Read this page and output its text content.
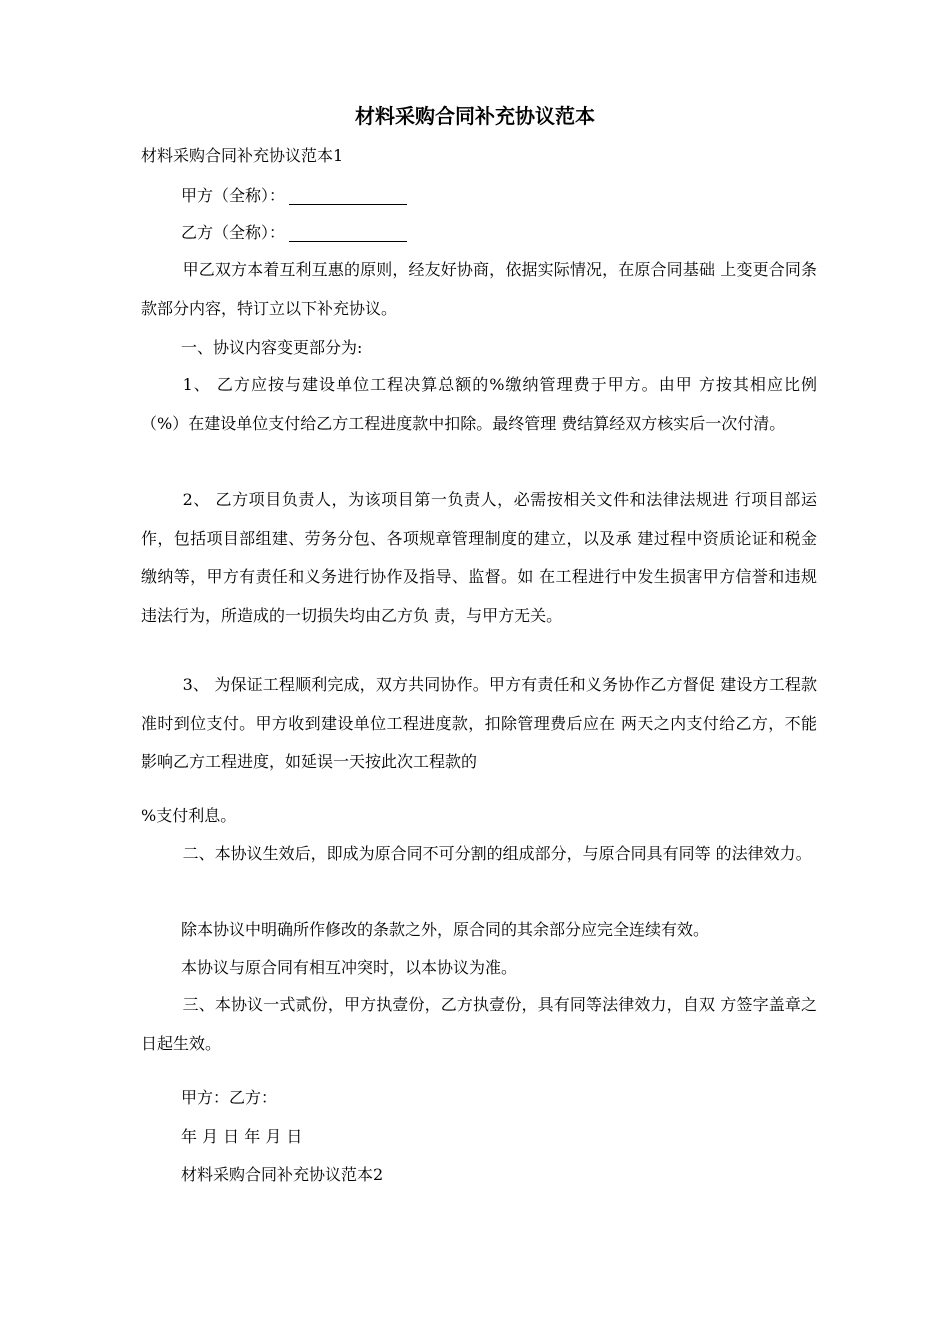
材料采购合同补充协议范本

材料采购合同补充协议范本1

甲方（全称）：

乙方（全称）：

甲乙双方本着互利互惠的原则，经友好协商，依据实际情况，在原合同基础 上变更合同条款部分内容，特订立以下补充协议。

一、协议内容变更部分为:

1、 乙方应按与建设单位工程决算总额的%缴纳管理费于甲方。由甲 方按其相应比例（%）在建设单位支付给乙方工程进度款中扣除。最终管理 费结算经双方核实后一次付清。

2、 乙方项目负责人，为该项目第一负责人，必需按相关文件和法律法规进 行项目部运作，包括项目部组建、劳务分包、各项规章管理制度的建立，以及承 建过程中资质论证和税金缴纳等，甲方有责任和义务进行协作及指导、监督。如 在工程进行中发生损害甲方信誉和违规违法行为，所造成的一切损失均由乙方负 责，与甲方无关。

3、 为保证工程顺利完成，双方共同协作。甲方有责任和义务协作乙方督促 建设方工程款准时到位支付。甲方收到建设单位工程进度款，扣除管理费后应在 两天之内支付给乙方，不能影响乙方工程进度，如延误一天按此次工程款的

%支付利息。

二、本协议生效后，即成为原合同不可分割的组成部分，与原合同具有同等 的法律效力。

除本协议中明确所作修改的条款之外，原合同的其余部分应完全连续有效。

本协议与原合同有相互冲突时，以本协议为准。

三、本协议一式贰份，甲方执壹份，乙方执壹份，具有同等法律效力，自双 方签字盖章之日起生效。

甲方：乙方：

年 月 日 年 月 日

材料采购合同补充协议范本2
